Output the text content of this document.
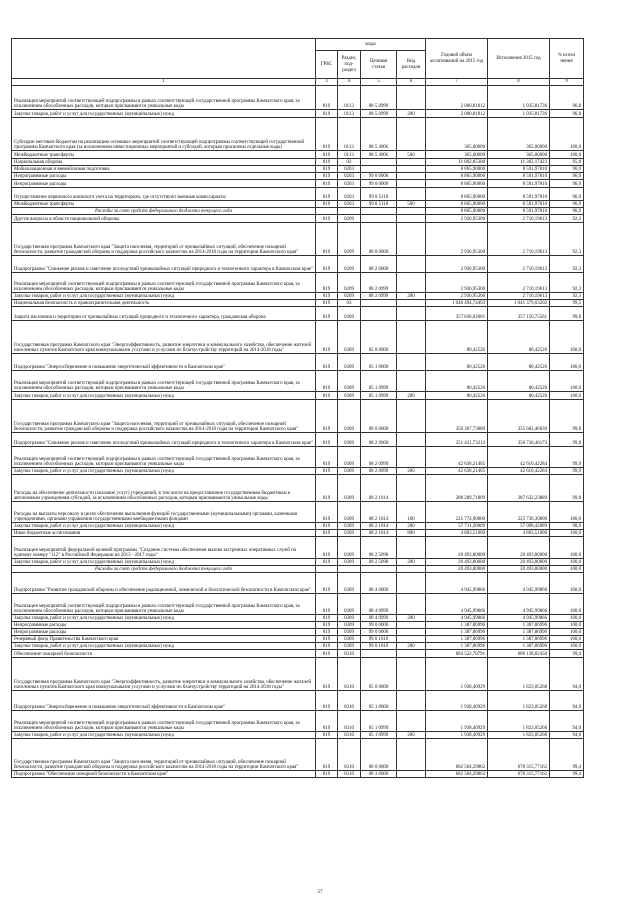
	коды				Годовой объем ассигнований на 2015 год	Исполнение 2015 год	% испол нения
	ГРБС	Раздел, под-раздел	Целевая статья	Вид расходов			
1	3	4	5	6	7	8	9
Реализация мероприятий соответствующей подпрограммы в рамках соответствующей государственной программы Камчатского края, за исключением обособленных расходов, которым присваиваются уникальные коды	819	0113	08 5 0999		2 000,81812	1 935,81736	96,8
Закупка товаров, работ и услуг для государственных (муниципальных) нужд	819	0113	08 5 0999	200	2 000,81812	1 935,81736	96,8
Субсидии местным бюджетам на реализацию основных мероприятий соответствующей подпрограммы соответствующей государственной программы Камчатского края (за исключением инвестиционных мероприятий и субсидий, которым присвоены отдельные коды)	819	0113	08 5 4006		365,00000	365,00000	100,0
Межбюджетные трансферты	819	0113	08 5 4006	500	365,00000	365,00000	100,0
Национальная оборона	819	02			11 802,85300	11 302,17423	95,8
Мобилизационная и вневойсковая подготовка	819	0203			8 865,90000	8 591,97810	96,9
Непрограммные расходы	819	0203	99 0 0000		8 865,90000	8 591,97810	96,9
Непрограммные расходы	819	0203	99 0 0000		8 865,90000	8 591,97810	96,9
Осуществление первичного воинского учета на территориях, где отсутствуют военные комиссариаты	819	0203	99 0 5118		8 865,90000	8 591,97810	96,9
Межбюджетные трансферты	819	0203	99 0 5118	500	8 865,90000	8 591,97810	96,9
Расходы за счет средств федерального бюджета текущего года					8 865,90000	8 591,97810	96,9
Другие вопросы в области национальной обороны	819	0209			2 936,95300	2 710,19613	92,3
Государственная программа Камчатского края "Защита населения, территорий от чрезвычайных ситуаций, обеспечение пожарной безопасности, развитие гражданской обороны и поддержка российского казачества на 2014-2018 годы на территории Камчатского края"	819	0209	08 0 0000		2 936,95300	2 710,19613	92,3
Подпрограмма "Снижение рисков и смягчение последствий чрезвычайных ситуаций природного и техногенного характера в Камчатском крае"	819	0209	08 2 0000		2 936,95300	2 710,19613	92,3
Реализация мероприятий соответствующей подпрограммы в рамках соответствующей государственной программы Камчатского края, за исключением обособленных расходов, которым присваиваются уникальные коды	819	0209	08 2 0999		2 936,95300	2 710,19613	92,3
Закупка товаров, работ и услуг для государственных (муниципальных) нужд	819	0209	08 2 0999	200	2 936,95300	2 710,19613	92,3
Национальная безопасность и правоохранительная деятельность	819	03			1 046 494,74493	1 041 379,03202	99,5
Защита населения и территории от чрезвычайных ситуаций природного и техногенного характера, гражданская оборона	819	0309			357 836,02601	357 150,75561	99,8
Государственная программа Камчатского края "Энергоэффективность, развитие энергетики и коммунального хозяйства, обеспечение жителей населенных пунктов Камчатского края коммунальными услугами и услугами по благоустройству территорий на 2014-2018 годы"	819	0309	05 0 0000		80,42526	80,42526	100,0
Подпрограмма "Энергосбережение и повышение энергетической эффективности в Камчатском крае"	819	0309	05 1 0000		80,42526	80,42526	100,0
Реализация мероприятий соответствующей подпрограммы в рамках соответствующей государственной программы Камчатского края, за исключением обособленных расходов, которым присваиваются уникальные коды	819	0309	05 1 0999		80,42526	80,42526	100,0
Закупка товаров, работ и услуг для государственных (муниципальных) нужд	819	0309	05 1 0999	200	80,42526	80,42526	100,0
Государственная программа Камчатского края "Защита населения, территорий от чрезвычайных ситуаций, обеспечение пожарной безопасности, развитие гражданской обороны и поддержка российского казачества на 2014-2018 годы на территории Камчатского края"	819	0309	08 0 0000		356 367,73080	355 682,46039	99,8
Подпрограмма "Снижение рисков и смягчение последствий чрезвычайных ситуаций природного и техногенного характера в Камчатском крае"	819	0309	08 2 0000		351 421,73214	350 736,46173	99,8
Реализация мероприятий соответствующей подпрограммы в рамках соответствующей государственной программы Камчатского края, за исключением обособленных расходов, которым присваиваются уникальные коды	819	0309	08 2 0999		42 638,21405	42 610,42284	99,9
Закупка товаров, работ и услуг для государственных (муниципальных) нужд	819	0309	08 2 0999	200	42 638,21405	42 610,42284	99,9
Расходы на обеспечение деятельности (оказание услуг) учреждений, в том числе на предоставление государственным бюджетным и автономным учреждениям субсидий, за исключением обособленных расходов, которым присваиваются уникальные коды	819	0309	08 2 1014		288 289,71809	287 632,23889	99,8
Расходы на выплаты персоналу в целях обеспечения выполнения функций государственными (муниципальными) органами, казенными учреждениями, органами управления государственными внебюджетными фондами	819	0309	08 2 1014	100	225 774,90800	225 730,30800	100,0
Закупка товаров, работ и услуг для государственных (муниципальных) нужд	819	0309	08 2 1014	200	57 711,30009	57 098,42089	98,9
Иные бюджетные ассигнования	819	0309	08 2 1014	800	4 803,51000	4 803,51000	100,0
Реализация мероприятий федеральной целевой программы "Создание системы обеспечения вызова экстренных оперативных служб по единому номеру "112" в Российской Федерации на 2013 - 2017 годы"	819	0309	08 2 5098		20 493,80000	20 493,80000	100,0
Закупка товаров, работ и услуг для государственных (муниципальных) нужд	819	0309	08 2 5098	200	20 493,80000	20 493,80000	100,0
Расходы за счет средств федерального бюджета текущего года					20 493,80000	20 493,80000	100,0
Подпрограмма "Развитие гражданской обороны и обеспечение радиационной, химической и биологической безопасности в Камчатском крае"	819	0309	08 4 0000		4 945,99866	4 945,99866	100,0
Реализация мероприятий соответствующей подпрограммы в рамках соответствующей государственной программы Камчатского края, за исключением обособленных расходов, которым присваиваются уникальные коды	819	0309	08 4 0999		4 945,99866	4 945,99866	100,0
Закупка товаров, работ и услуг для государственных (муниципальных) нужд	819	0309	08 4 0999	200	4 945,99866	4 945,99866	100,0
Непрограммные расходы	819	0309	99 0 0000		1 387,86996	1 387,86996	100,0
Непрограммные расходы	819	0309	99 0 0000		1 387,86996	1 387,86996	100,0
Резервный фонд Правительства Камчатского края	819	0309	99 0 1010		1 387,86996	1 387,86996	100,0
Закупка товаров, работ и услуг для государственных (муниципальных) нужд	819	0309	99 0 1010	200	1 387,86996	1 387,86996	100,0
Обеспечение пожарной безопасности	819	0310			684 522,70791	680 138,82450	99,4
Государственная программа Камчатского края "Энергоэффективность, развитие энергетики и коммунального хозяйства, обеспечение жителей населенных пунктов Камчатского края коммунальными услугами и услугами по благоустройству территорий на 2014-2018 годы"	819	0310	05 0 0000		1 938,40929	1 823,05268	94,0
Подпрограмма "Энергосбережение и повышение энергетической эффективности в Камчатском крае"	819	0310	05 1 0000		1 938,40929	1 823,05268	94,0
Реализация мероприятий соответствующей подпрограммы в рамках соответствующей государственной программы Камчатского края, за исключением обособленных расходов, которым присваиваются уникальные коды	819	0310	05 1 0999		1 938,40929	1 823,05268	94,0
Закупка товаров, работ и услуг для государственных (муниципальных) нужд	819	0310	05 1 0999	200	1 938,40929	1 823,05268	94,0
Государственная программа Камчатского края "Защита населения, территорий от чрезвычайных ситуаций, обеспечение пожарной безопасности, развитие гражданской обороны и поддержка российского казачества на 2014-2018 годы на территории Камчатского края"	819	0310	08 0 0000		682 584,29862	678 315,77162	99,4
Подпрограмма "Обеспечение пожарной безопасности в Камчатском крае"	819	0310	08 3 0000		682 584,29862	678 315,77162	99,4
57
